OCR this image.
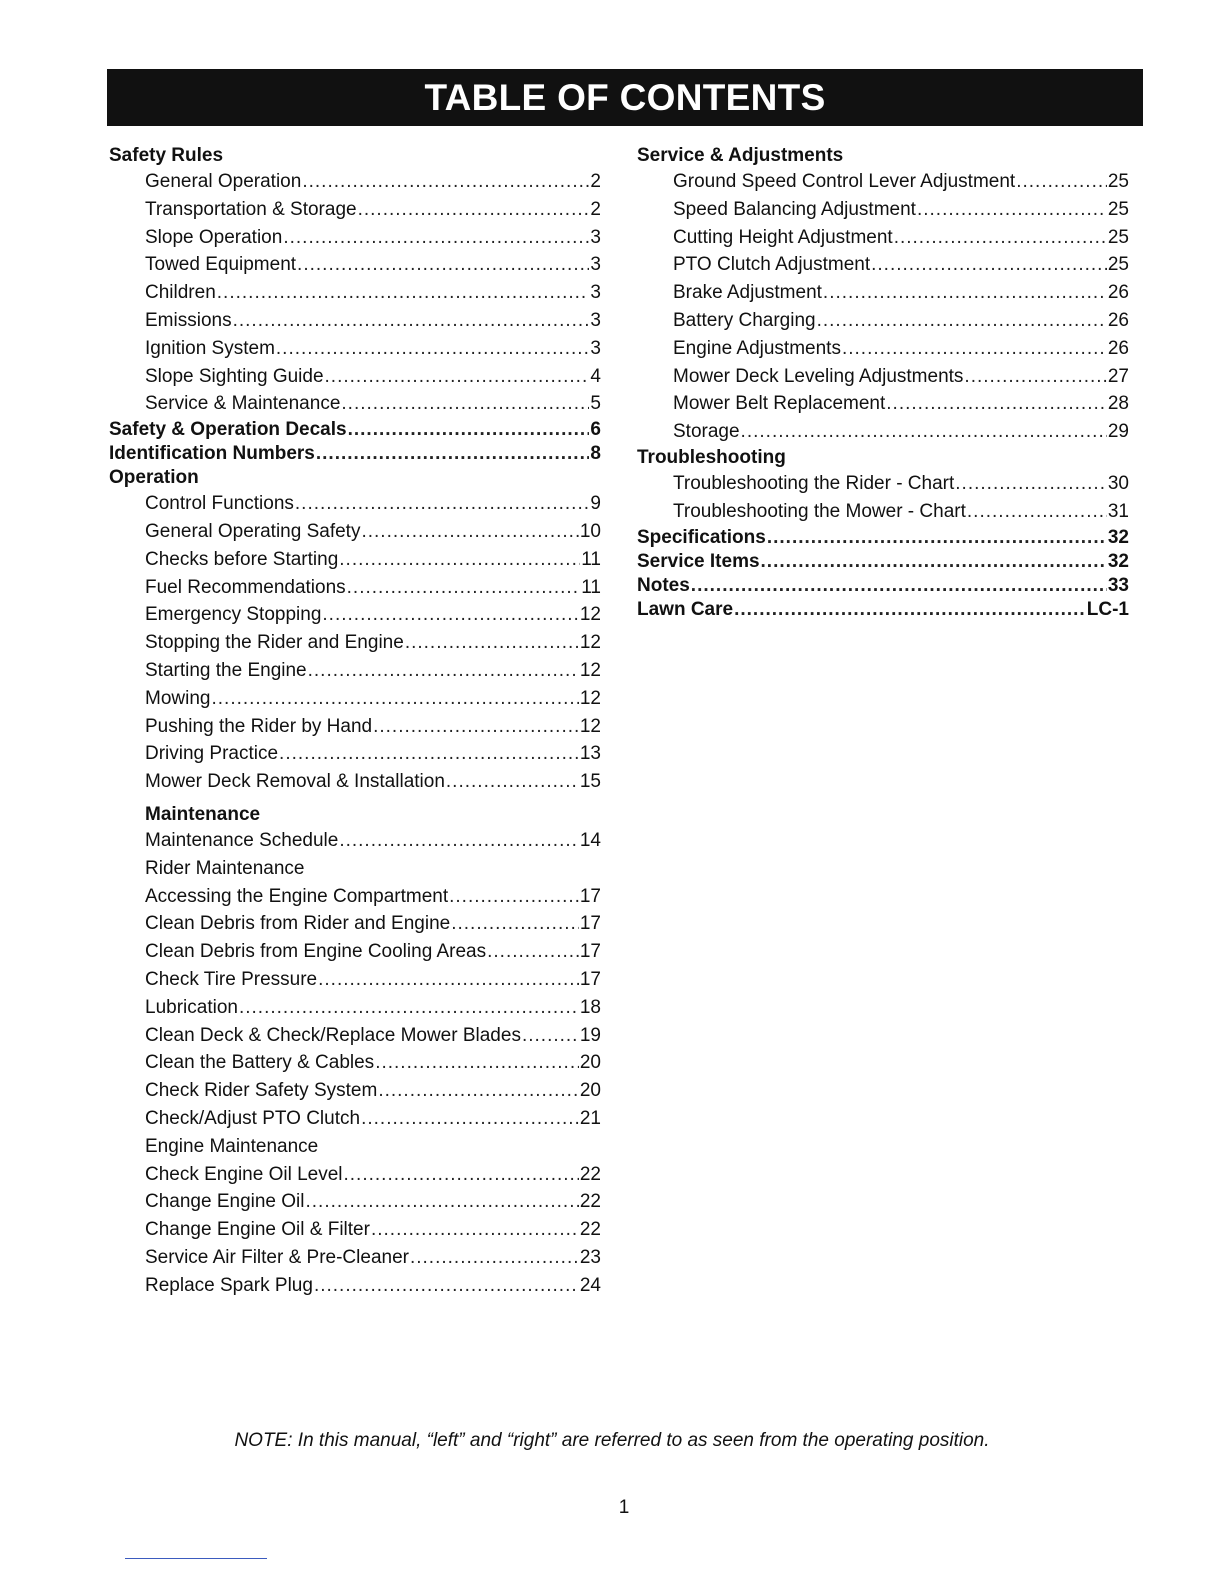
TABLE OF CONTENTS
Safety Rules
General Operation .....	2
Transportation & Storage .....	2
Slope Operation .....	3
Towed Equipment .....	3
Children .....	3
Emissions .....	3
Ignition System .....	3
Slope Sighting Guide .....	4
Service & Maintenance .....	5
Safety & Operation Decals .....	6
Identification Numbers .....	8
Operation
Control Functions .....	9
General Operating Safety .....	10
Checks before Starting .....	11
Fuel Recommendations .....	11
Emergency Stopping .....	12
Stopping the Rider and Engine .....	12
Starting the Engine .....	12
Mowing .....	12
Pushing the Rider by Hand .....	12
Driving Practice .....	13
Mower Deck Removal & Installation .....	15
Maintenance
Maintenance Schedule .....	14
Rider Maintenance
Accessing the Engine Compartment .....	17
Clean Debris from Rider and Engine .....	17
Clean Debris from Engine Cooling Areas .....	17
Check Tire Pressure .....	17
Lubrication .....	18
Clean Deck & Check/Replace Mower Blades .....	19
Clean the Battery & Cables .....	20
Check Rider Safety System .....	20
Check/Adjust PTO Clutch .....	21
Engine Maintenance
Check Engine Oil Level .....	22
Change Engine Oil .....	22
Change Engine Oil & Filter .....	22
Service Air Filter & Pre-Cleaner .....	23
Replace Spark Plug .....	24
Service & Adjustments
Ground Speed Control Lever Adjustment .....	25
Speed Balancing Adjustment .....	25
Cutting Height Adjustment .....	25
PTO Clutch Adjustment .....	25
Brake Adjustment .....	26
Battery Charging .....	26
Engine Adjustments .....	26
Mower Deck Leveling Adjustments .....	27
Mower Belt Replacement .....	28
Storage .....	29
Troubleshooting
Troubleshooting the Rider - Chart .....	30
Troubleshooting the Mower - Chart .....	31
Specifications .....	32
Service Items .....	32
Notes .....	33
Lawn Care .....	LC-1
NOTE: In this manual, “left” and “right” are referred to as seen from the operating position.
1
